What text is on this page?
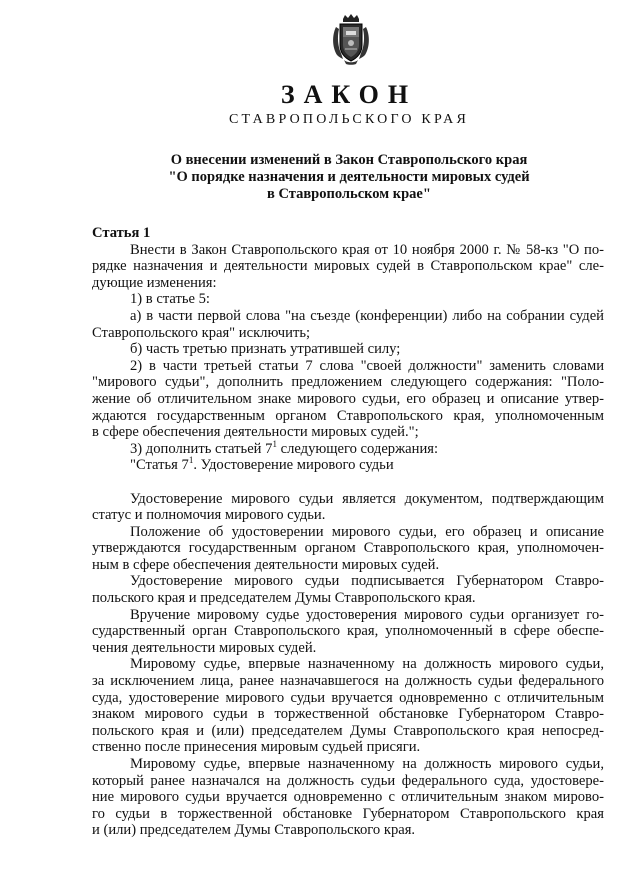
ЗАКОН
СТАВРОПОЛЬСКОГО КРАЯ
О внесении изменений в Закон Ставропольского края
"О порядке назначения и деятельности мировых судей
в Ставропольском крае"
Статья 1
Внести в Закон Ставропольского края от 10 ноября 2000 г. № 58-кз "О по-
рядке назначения и деятельности мировых судей в Ставропольском крае" сле-
дующие изменения:
1) в статье 5:
а) в части первой слова "на съезде (конференции) либо на собрании судей
Ставропольского края" исключить;
б) часть третью признать утратившей силу;
2) в части третьей статьи 7 слова "своей должности" заменить словами
"мирового судьи", дополнить предложением следующего содержания: "Поло-
жение об отличительном знаке мирового судьи, его образец и описание утвер-
ждаются государственным органом Ставропольского края, уполномоченным
в сфере обеспечения деятельности мировых судей.";
3) дополнить статьей $7^1$ следующего содержания:
"Статья $7^1$. Удостоверение мирового судьи
Удостоверение мирового судьи является документом, подтверждающим
статус и полномочия мирового судьи.
Положение об удостоверении мирового судьи, его образец и описание
утверждаются государственным органом Ставропольского края, уполномочен-
ным в сфере обеспечения деятельности мировых судей.
Удостоверение мирового судьи подписывается Губернатором Ставро-
польского края и председателем Думы Ставропольского края.
Вручение мировому судье удостоверения мирового судьи организует го-
сударственный орган Ставропольского края, уполномоченный в сфере обеспе-
чения деятельности мировых судей.
Мировому судье, впервые назначенному на должность мирового судьи,
за исключением лица, ранее назначавшегося на должность судьи федерального
суда, удостоверение мирового судьи вручается одновременно с отличительным
знаком мирового судьи в торжественной обстановке Губернатором Ставро-
польского края и (или) председателем Думы Ставропольского края непосред-
ственно после принесения мировым судьей присяги.
Мировому судье, впервые назначенному на должность мирового судьи,
который ранее назначался на должность судьи федерального суда, удостовере-
ние мирового судьи вручается одновременно с отличительным знаком мирово-
го судьи в торжественной обстановке Губернатором Ставропольского края
и (или) председателем Думы Ставропольского края.
